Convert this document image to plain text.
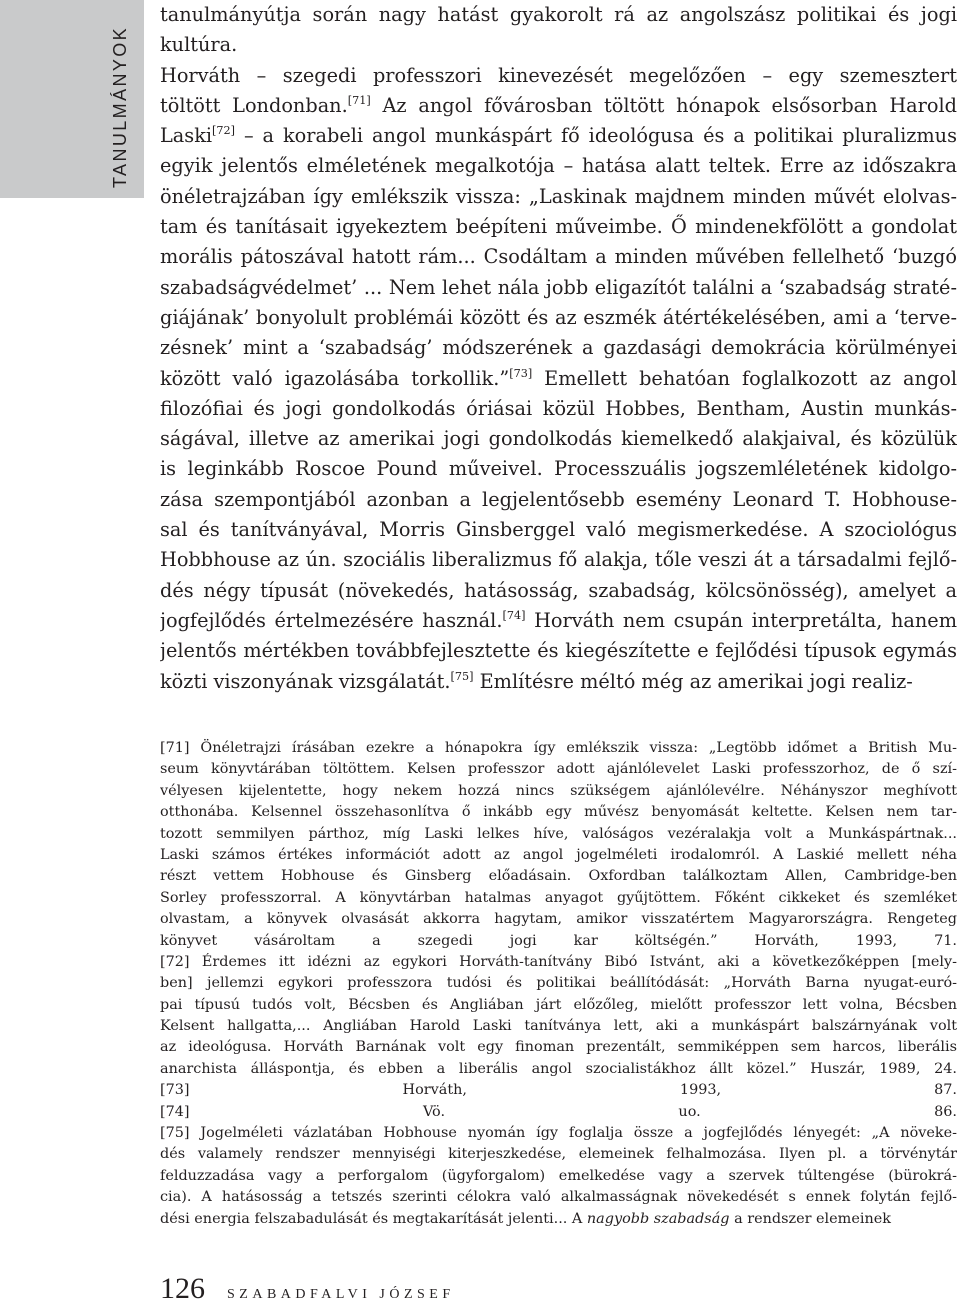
TANULMÁNYOK
tanulmányútja során nagy hatást gyakorolt rá az angolszász politikai és jogi
kultúra.
Horváth – szegedi professzori kinevezését megelőzően – egy szemesztert
töltött Londonban.[71] Az angol fővárosban töltött hónapok elsősorban Harold
Laski[72] – a korabeli angol munkáspárt fő ideológusa és a politikai pluralizmus
egyik jelentős elméletének megalkotója – hatása alatt teltek. Erre az időszakra
önéletrajzában így emlékszik vissza: „Laskinak majdnem minden művét elolvas-
tam és tanításait igyekeztem beépíteni műveimbe. Ő mindenekfölött a gondolat
morális pátoszával hatott rám... Csodáltam a minden művében fellelhető ‘buzgó
szabadságvédelmet’ ... Nem lehet nála jobb eligazítót találni a ‘szabadság straté-
giájának’ bonyolult problémái között és az eszmék átértékelésében, ami a ‘terve-
zésnek’ mint a ‘szabadság’ módszerének a gazdasági demokrácia körülményei
között való igazolásába torkollik.”[73] Emellett behatóan foglalkozott az angol
filozófiai és jogi gondolkodás óriásai közül Hobbes, Bentham, Austin munkás-
ságával, illetve az amerikai jogi gondolkodás kiemelkedő alakjaival, és közülük
is leginkább Roscoe Pound műveivel. Processzuális jogszemléletének kidolgo-
zása szempontjából azonban a legjelentősebb esemény Leonard T. Hobhouse-
sal és tanítványával, Morris Ginsberggel való megismerkedése. A szociológus
Hobbhouse az ún. szociális liberalizmus fő alakja, tőle veszi át a társadalmi fejlő-
dés négy típusát (növekedés, hatásosság, szabadság, kölcsönösség), amelyet a
jogfejlődés értelmezésére használ.[74] Horváth nem csupán interpretálta, hanem
jelentős mértékben továbbfejlesztette és kiegészítette e fejlődési típusok egymás
közti viszonyának vizsgálatát.[75] Említésre méltó még az amerikai jogi realiz-
[71] Önéletrajzi írásában ezekre a hónapokra így emlékszik vissza: „Legtöbb időmet a British Mu-
seum könyvtárában töltöttem. Kelsen professzor adott ajánlólevelet Laski professzorhoz, de ő szí-
vélyesen kijelentette, hogy nekem hozzá nincs szükségem ajánlólevélre. Néhányszor meghívott
otthonába. Kelsennel összehasonlítva ő inkább egy művész benyomását keltette. Kelsen nem tar-
tozott semmilyen párthoz, míg Laski lelkes híve, valóságos vezéralakja volt a Munkáspártnak...
Laski számos értékes információt adott az angol jogelméleti irodalomról. A Laskié mellett néha
részt vettem Hobhouse és Ginsberg előadásain. Oxfordban találkoztam Allen, Cambridge-ben
Sorley professzorral. A könyvtárban hatalmas anyagot gyűjtöttem. Főként cikkeket és szemléket
olvastam, a könyvek olvasását akkorra hagytam, amikor visszatértem Magyarországra. Rengeteg
könyvet vásároltam a szegedi jogi kar költségén.” Horváth, 1993, 71.
[72] Érdemes itt idézni az egykori Horváth-tanítvány Bibó Istvánt, aki a következőképpen [mely-
ben] jellemzi egykori professzora tudósi és politikai beállítódását: „Horváth Barna nyugat-euró-
pai típusú tudós volt, Bécsben és Angliában járt előzőleg, mielőtt professzor lett volna, Bécsben
Kelsent hallgatta,... Angliában Harold Laski tanítványa lett, aki a munkáspárt balszárnyának volt
az ideológusa. Horváth Barnának volt egy finoman prezentált, semmiképpen sem harcos, liberális
anarchista álláspontja, és ebben a liberális angol szocialistákhoz állt közel.” Huszár, 1989, 24.
[73] Horváth, 1993, 87.
[74] Vö. uo. 86.
[75] Jogelméleti vázlatában Hobhouse nyomán így foglalja össze a jogfejlődés lényegét: „A növeke-
dés valamely rendszer mennyiségi kiterjeszkedése, elemeinek felhalmozása. Ilyen pl. a törvénytár
felduzzadása vagy a perforgalom (ügyforgalom) emelkedése vagy a szervek túltengése (bürokrá-
cia). A hatásosság a tetszés szerinti célokra való alkalmasságnak növekedését s ennek folytán fejlő-
dési energia felszabadulását és megtakarítását jelenti... A nagyobb szabadság a rendszer elemeinek
126 SZABADFALVI JÓZSEF
